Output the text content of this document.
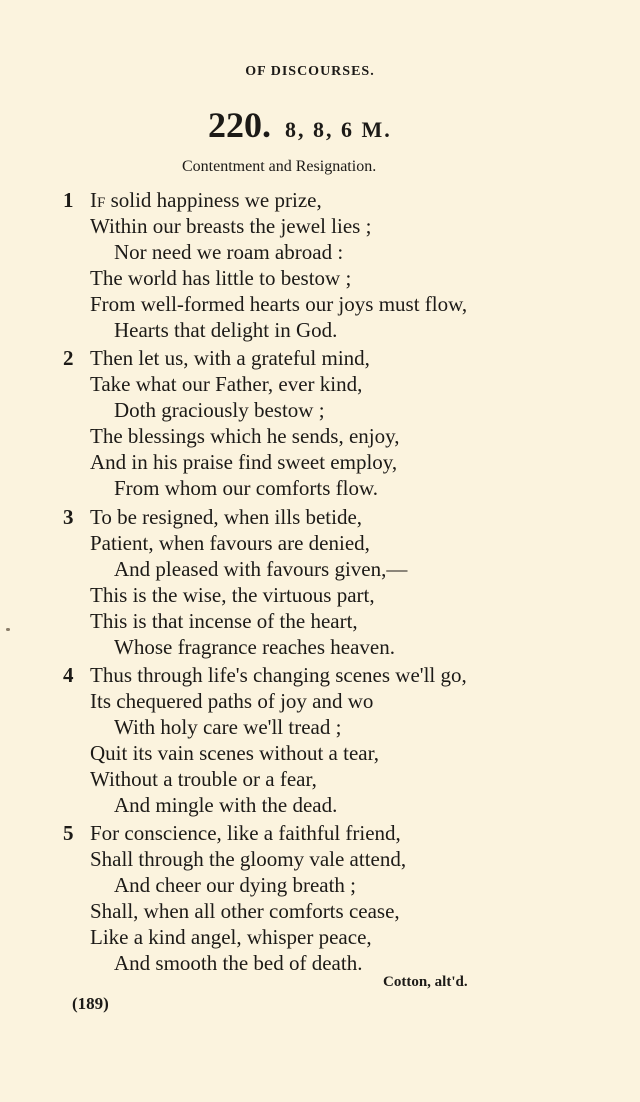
OF DISCOURSES.
220. 8, 8, 6 M.
Contentment and Resignation.
1 If solid happiness we prize,
Within our breasts the jewel lies ;
Nor need we roam abroad :
The world has little to bestow ;
From well-formed hearts our joys must flow,
Hearts that delight in God.
2 Then let us, with a grateful mind,
Take what our Father, ever kind,
Doth graciously bestow ;
The blessings which he sends, enjoy,
And in his praise find sweet employ,
From whom our comforts flow.
3 To be resigned, when ills betide,
Patient, when favours are denied,
And pleased with favours given,—
This is the wise, the virtuous part,
This is that incense of the heart,
Whose fragrance reaches heaven.
4 Thus through life's changing scenes we'll go,
Its chequered paths of joy and wo
With holy care we'll tread ;
Quit its vain scenes without a tear,
Without a trouble or a fear,
And mingle with the dead.
5 For conscience, like a faithful friend,
Shall through the gloomy vale attend,
And cheer our dying breath ;
Shall, when all other comforts cease,
Like a kind angel, whisper peace,
And smooth the bed of death.
Cotton, alt'd.
(189)
